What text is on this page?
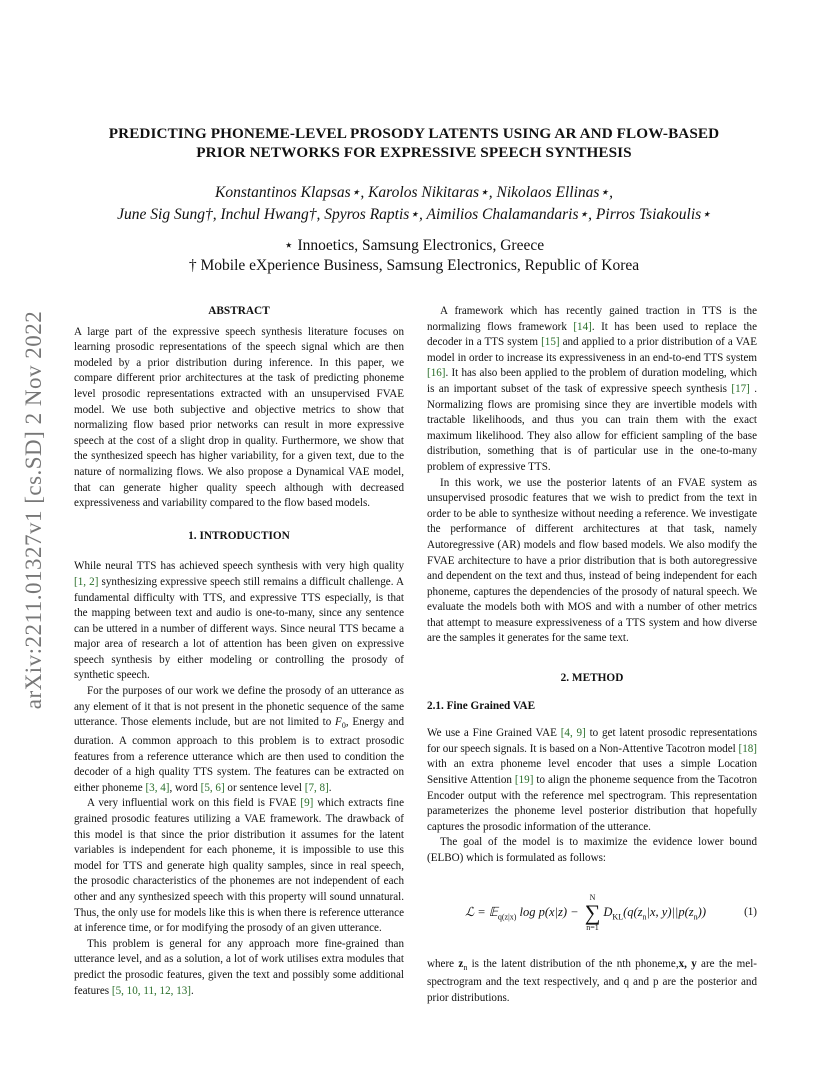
PREDICTING PHONEME-LEVEL PROSODY LATENTS USING AR AND FLOW-BASED
PRIOR NETWORKS FOR EXPRESSIVE SPEECH SYNTHESIS
Konstantinos Klapsas⋆, Karolos Nikitaras⋆, Nikolaos Ellinas⋆,
June Sig Sung†, Inchul Hwang†, Spyros Raptis⋆, Aimilios Chalamandaris⋆, Pirros Tsiakoulis⋆
⋆ Innoetics, Samsung Electronics, Greece
† Mobile eXperience Business, Samsung Electronics, Republic of Korea
arXiv:2211.01327v1 [cs.SD] 2 Nov 2022	ABSTRACT

A large part of the expressive speech synthesis literature focuses on learning prosodic representations of the speech signal which are then modeled by a prior distribution during inference. In this paper, we compare different prior architectures at the task of predicting phoneme level prosodic representations extracted with an unsupervised FVAE model. We use both subjective and objective metrics to show that normalizing flow based prior networks can result in more expressive speech at the cost of a slight drop in quality. Furthermore, we show that the synthesized speech has higher variability, for a given text, due to the nature of normalizing flows. We also propose a Dynamical VAE model, that can generate higher quality speech although with decreased expressiveness and variability compared to the flow based models.

1. INTRODUCTION

While neural TTS has achieved speech synthesis with very high quality [1, 2] synthesizing expressive speech still remains a difficult challenge. A fundamental difficulty with TTS, and expressive TTS especially, is that the mapping between text and audio is one-to-many, since any sentence can be uttered in a number of different ways. Since neural TTS became a major area of research a lot of attention has been given on expressive speech synthesis by either modeling or controlling the prosody of synthetic speech.

For the purposes of our work we define the prosody of an utterance as any element of it that is not present in the phonetic sequence of the same utterance. Those elements include, but are not limited to $F_0$, Energy and duration. A common approach to this problem is to extract prosodic features from a reference utterance which are then used to condition the decoder of a high quality TTS system. The features can be extracted on either phoneme [3, 4], word [5, 6] or sentence level [7, 8].

A very influential work on this field is FVAE [9] which extracts fine grained prosodic features utilizing a VAE framework. The drawback of this model is that since the prior distribution it assumes for the latent variables is independent for each phoneme, it is impossible to use this model for TTS and generate high quality samples, since in real speech, the prosodic characteristics of the phonemes are not independent of each other and any synthesized speech with this property will sound unnatural. Thus, the only use for models like this is when there is reference utterance at inference time, or for modifying the prosody of an given utterance.

This problem is general for any approach more fine-grained than utterance level, and as a solution, a lot of work utilises extra modules that predict the prosodic features, given the text and possibly some additional features [5, 10, 11, 12, 13].

A framework which has recently gained traction in TTS is the normalizing flows framework [14]. It has been used to replace the decoder in a TTS system [15] and applied to a prior distribution of a VAE model in order to increase its expressiveness in an end-to-end TTS system [16]. It has also been applied to the problem of duration modeling, which is an important subset of the task of expressive speech synthesis [17] . Normalizing flows are promising since they are invertible models with tractable likelihoods, and thus you can train them with the exact maximum likelihood. They also allow for efficient sampling of the base distribution, something that is of particular use in the one-to-many problem of expressive TTS.

In this work, we use the posterior latents of an FVAE system as unsupervised prosodic features that we wish to predict from the text in order to be able to synthesize without needing a reference. We investigate the performance of different architectures at that task, namely Autoregressive (AR) models and flow based models. We also modify the FVAE architecture to have a prior distribution that is both autoregressive and dependent on the text and thus, instead of being independent for each phoneme, captures the dependencies of the prosody of natural speech. We evaluate the models both with MOS and with a number of other metrics that attempt to measure expressiveness of a TTS system and how diverse are the samples it generates for the same text.

2. METHOD

2.1. Fine Grained VAE

We use a Fine Grained VAE [4, 9] to get latent prosodic representations for our speech signals. It is based on a Non-Attentive Tacotron model [18] with an extra phoneme level encoder that uses a simple Location Sensitive Attention [19] to align the phoneme sequence from the Tacotron Encoder output with the reference mel spectrogram. This representation parameterizes the phoneme level posterior distribution that hopefully captures the prosodic information of the utterance.

The goal of the model is to maximize the evidence lower bound (ELBO) which is formulated as follows:

ℒ = 𝔼$_{q(z|x)}$ log p(x|z) −
N
∑
n=1
$D_{KL}(q(z_n|x$, $y)||p(z_n)$)	(1)

where $z_n$ is the latent distribution of the nth phoneme,x, y are the mel-spectrogram and the text respectively, and q and p are the posterior and prior distributions.
